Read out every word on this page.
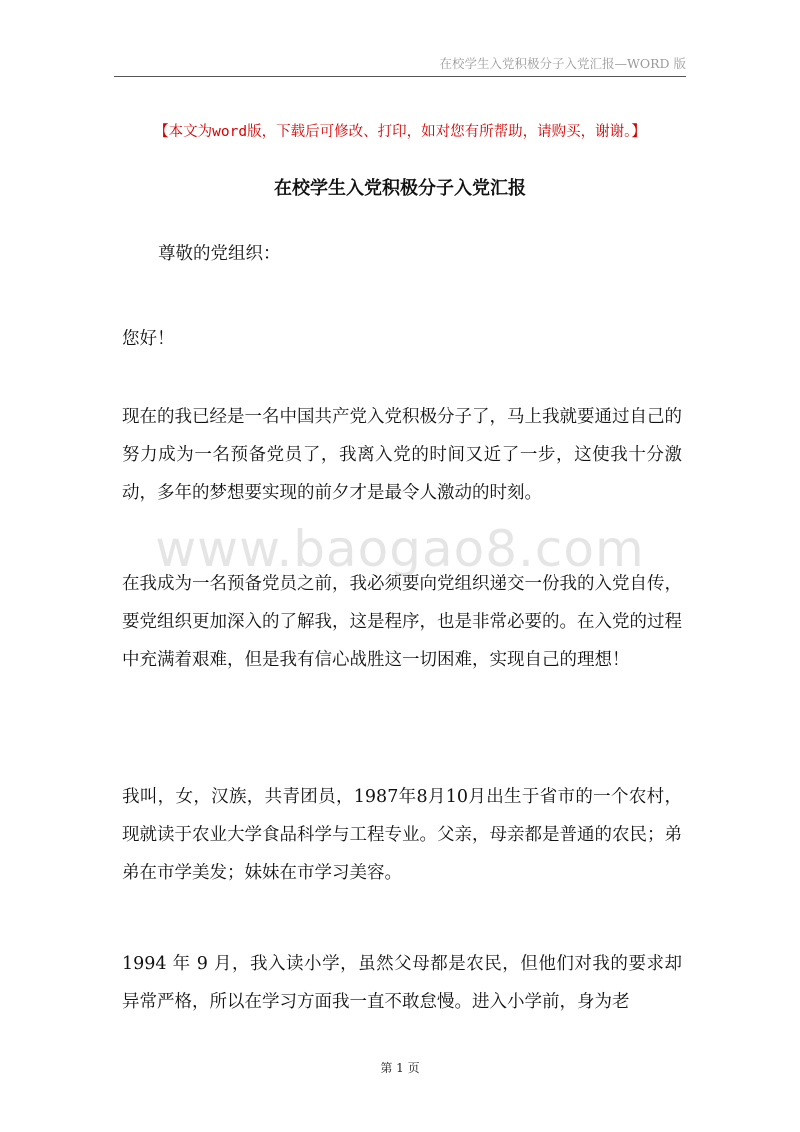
在校学生入党积极分子入党汇报—WORD 版
【本文为word版，下载后可修改、打印，如对您有所帮助，请购买，谢谢。】
在校学生入党积极分子入党汇报
尊敬的党组织：

您好！

现在的我已经是一名中国共产党入党积极分子了，马上我就要通过自己的努力成为一名预备党员了，我离入党的时间又近了一步，这使我十分激动，多年的梦想要实现的前夕才是最令人激动的时刻。

www.baogao8.com

在我成为一名预备党员之前，我必须要向党组织递交一份我的入党自传，要党组织更加深入的了解我，这是程序，也是非常必要的。在入党的过程中充满着艰难，但是我有信心战胜这一切困难，实现自己的理想！

我叫，女，汉族，共青团员，1987年8月10月出生于省市的一个农村，现就读于农业大学食品科学与工程专业。父亲，母亲都是普通的农民；弟弟在市学美发；妹妹在市学习美容。

1994 年 9 月，我入读小学，虽然父母都是农民，但他们对我的要求却异常严格，所以在学习方面我一直不敢怠慢。进入小学前，身为老

第 1 页
